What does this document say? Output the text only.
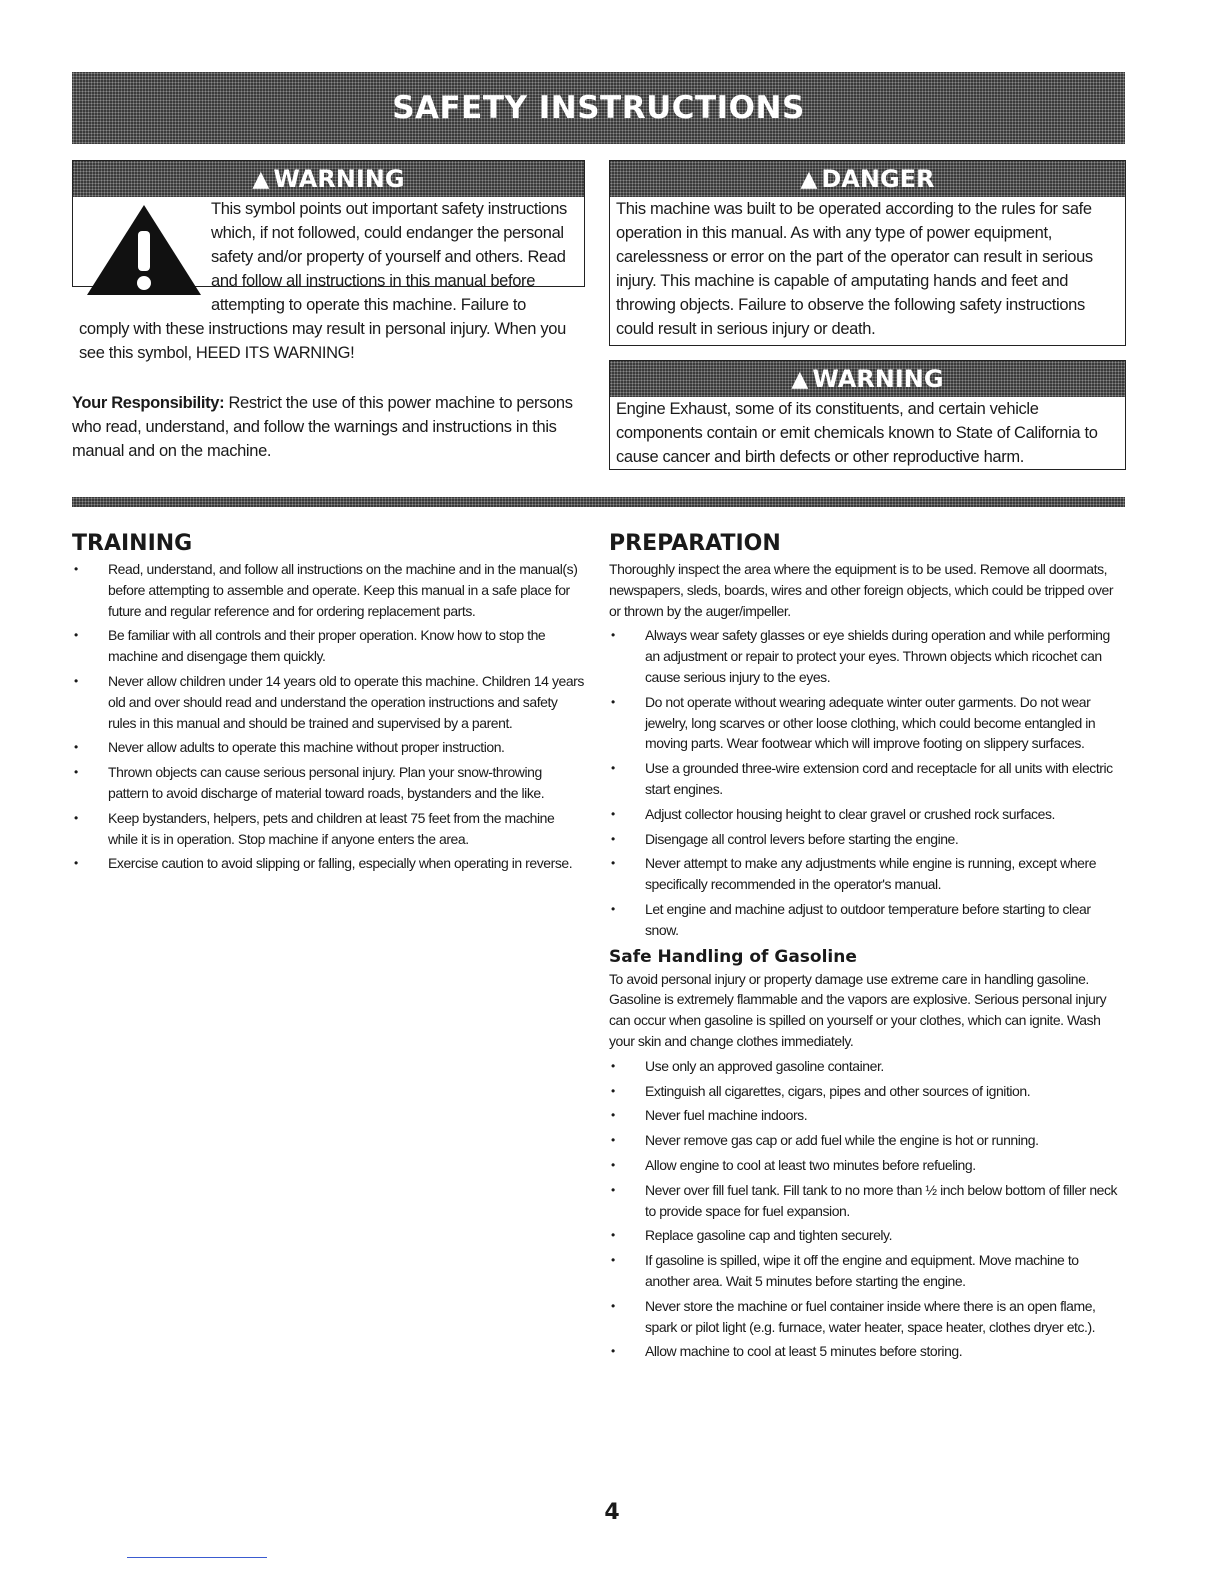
SAFETY INSTRUCTIONS
▲ WARNING
This symbol points out important safety instructions which, if not followed, could endanger the personal safety and/or property of yourself and others. Read and follow all instructions in this manual before attempting to operate this machine. Failure to comply with these instructions may result in personal injury. When you see this symbol, HEED ITS WARNING!
▲ DANGER
This machine was built to be operated according to the rules for safe operation in this manual. As with any type of power equipment, carelessness or error on the part of the operator can result in serious injury. This machine is capable of amputating hands and feet and throwing objects. Failure to observe the following safety instructions could result in serious injury or death.
▲ WARNING
Engine Exhaust, some of its constituents, and certain vehicle components contain or emit chemicals known to State of California to cause cancer and birth defects or other reproductive harm.
Your Responsibility: Restrict the use of this power machine to persons who read, understand, and follow the warnings and instructions in this manual and on the machine.
TRAINING
• Read, understand, and follow all instructions on the machine and in the manual(s) before attempting to assemble and operate. Keep this manual in a safe place for future and regular reference and for ordering replacement parts.
• Be familiar with all controls and their proper operation. Know how to stop the machine and disengage them quickly.
• Never allow children under 14 years old to operate this machine. Children 14 years old and over should read and understand the operation instructions and safety rules in this manual and should be trained and supervised by a parent.
• Never allow adults to operate this machine without proper instruction.
• Thrown objects can cause serious personal injury. Plan your snow-throwing pattern to avoid discharge of material toward roads, bystanders and the like.
• Keep bystanders, helpers, pets and children at least 75 feet from the machine while it is in operation. Stop machine if anyone enters the area.
• Exercise caution to avoid slipping or falling, especially when operating in reverse.
PREPARATION

Thoroughly inspect the area where the equipment is to be used. Remove all doormats, newspapers, sleds, boards, wires and other foreign objects, which could be tripped over or thrown by the auger/impeller.

• Always wear safety glasses or eye shields during operation and while performing an adjustment or repair to protect your eyes. Thrown objects which ricochet can cause serious injury to the eyes.
• Do not operate without wearing adequate winter outer garments. Do not wear jewelry, long scarves or other loose clothing, which could become entangled in moving parts. Wear footwear which will improve footing on slippery surfaces.
• Use a grounded three-wire extension cord and receptacle for all units with electric start engines.
• Adjust collector housing height to clear gravel or crushed rock surfaces.
• Disengage all control levers before starting the engine.
• Never attempt to make any adjustments while engine is running, except where specifically recommended in the operator's manual.
• Let engine and machine adjust to outdoor temperature before starting to clear snow.
Safe Handling of Gasoline

To avoid personal injury or property damage use extreme care in handling gasoline. Gasoline is extremely flammable and the vapors are explosive. Serious personal injury can occur when gasoline is spilled on yourself or your clothes, which can ignite. Wash your skin and change clothes immediately.

• Use only an approved gasoline container.
• Extinguish all cigarettes, cigars, pipes and other sources of ignition.
• Never fuel machine indoors.
• Never remove gas cap or add fuel while the engine is hot or running.
• Allow engine to cool at least two minutes before refueling.
• Never over fill fuel tank. Fill tank to no more than ½ inch below bottom of filler neck to provide space for fuel expansion.
• Replace gasoline cap and tighten securely.
• If gasoline is spilled, wipe it off the engine and equipment. Move machine to another area. Wait 5 minutes before starting the engine.
• Never store the machine or fuel container inside where there is an open flame, spark or pilot light (e.g. furnace, water heater, space heater, clothes dryer etc.).
• Allow machine to cool at least 5 minutes before storing.
4
